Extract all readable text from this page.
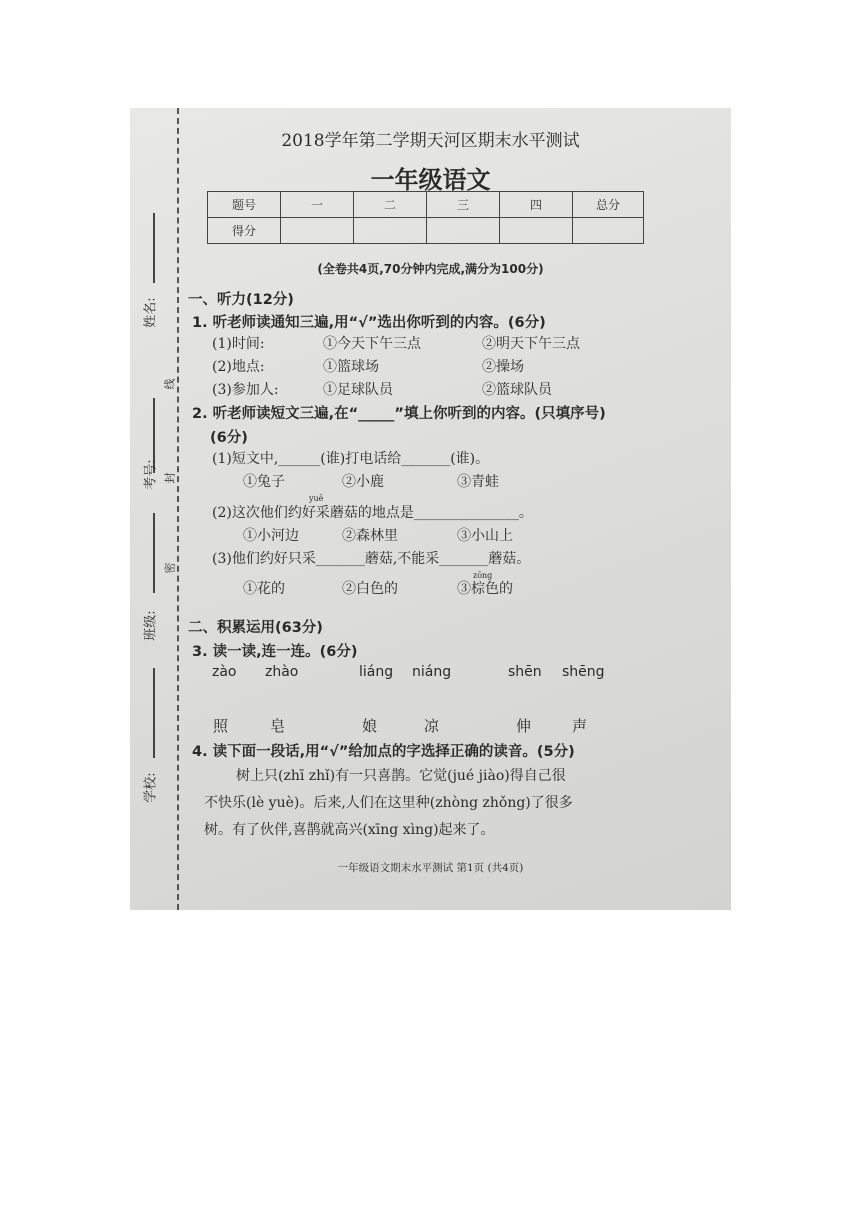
姓名:
考号:
班级:
学校:
线
封
密
2018学年第二学期天河区期末水平测试
一年级语文
题号	一	二	三	四	总分
得分					
(全卷共4页,70分钟内完成,满分为100分)
一、听力(12分)
1. 听老师读通知三遍,用“√”选出你听到的内容。(6分)
(1)时间:	①今天下午三点	②明天下午三点
(2)地点:	①篮球场	②操场
(3)参加人:	①足球队员	②篮球队员
2. 听老师读短文三遍,在“_____”填上你听到的内容。(只填序号)
(6分)
(1)短文中,______(谁)打电话给_______(谁)。
①兔子	②小鹿	③青蛙
yuē
(2)这次他们约好采蘑菇的地点是_______________。
①小河边	②森林里	③小山上
(3)他们约好只采_______蘑菇,不能采_______蘑菇。
zōng
①花的	②白色的	③棕色的
二、积累运用(63分)
3. 读一读,连一连。(6分)
zào zhào	liáng niáng	shēn shēng
照	皂	娘	凉	伸	声
4. 读下面一段话,用“√”给加点的字选择正确的读音。(5分)
树上只(zhī zhǐ)有一只喜鹊。它觉(jué jiào)得自己很
不快乐(lè yuè)。后来,人们在这里种(zhòng zhǒng)了很多
树。有了伙伴,喜鹊就高兴(xīng xìng)起来了。
一年级语文期末水平测试 第1页 (共4页)
